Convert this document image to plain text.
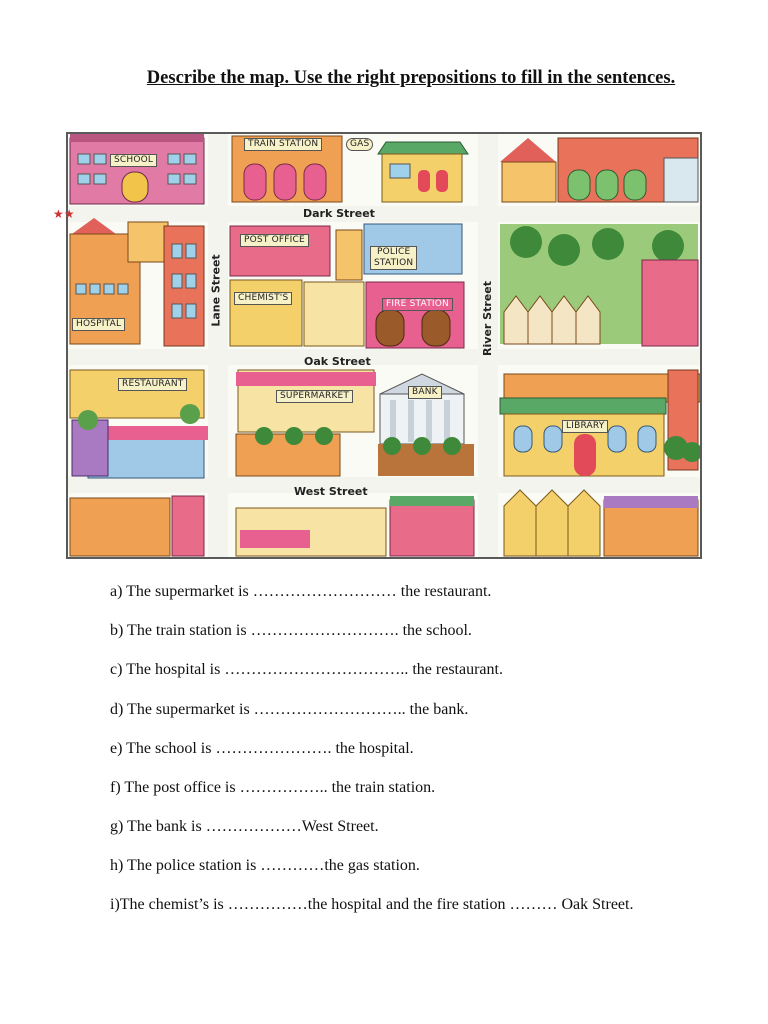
Describe the map. Use the right prepositions to fill in the sentences.
Dark Street
Oak Street
West Street
Lane Street	River Street
SCHOOL
TRAIN STATION	GAS
POST OFFICE
POLICE
STATION
CHEMIST'S
FIRE STATION
HOSPITAL
RESTAURANT
SUPERMARKET	BANK
LIBRARY
★★
a) The supermarket is ……………………… the restaurant.
b) The train station is ………………………. the school.
c) The hospital is …………………………….. the restaurant.
d) The supermarket is ……………………….. the bank.
e) The school is …………………. the hospital.
f) The post office is …………….. the train station.
g) The bank is ………………West Street.
h) The police station is …………the gas station.
i)The chemist’s is ……………the hospital and the fire station ……… Oak Street.
